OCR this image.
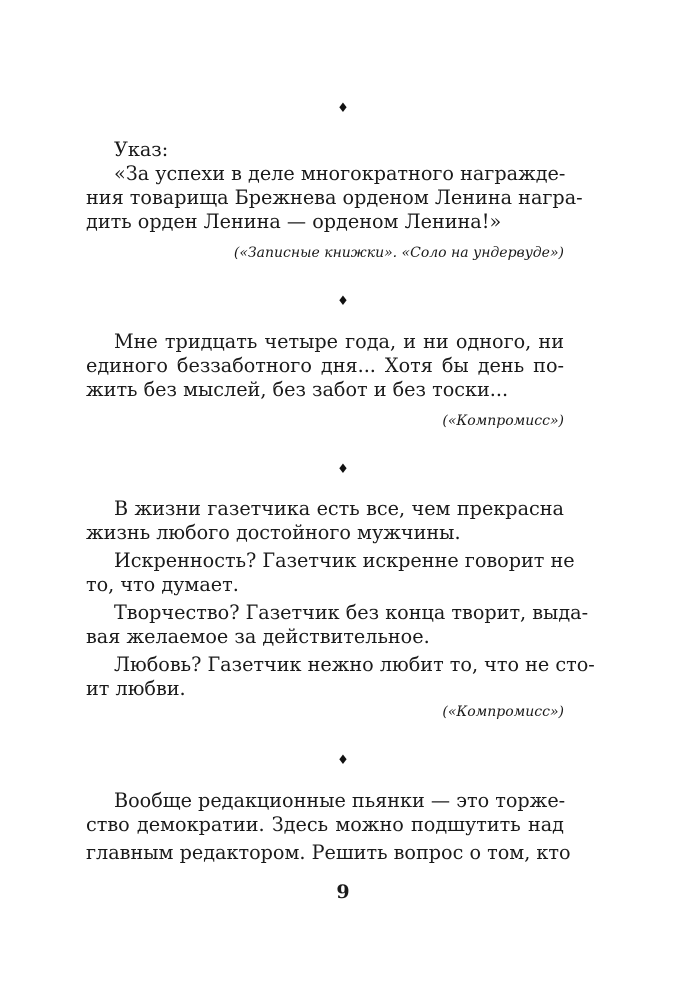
♦
Указ:
«За успехи в деле многократного награжде-
ния товарища Брежнева орденом Ленина награ-
дить орден Ленина — орденом Ленина!»
(«Записные книжки». «Соло на ундервуде»)
♦
Мне тридцать четыре года, и ни одного, ни
единого беззаботного дня... Хотя бы день по-
жить без мыслей, без забот и без тоски...
(«Компромисс»)
♦
В жизни газетчика есть все, чем прекрасна
жизнь любого достойного мужчины.
Искренность? Газетчик искренне говорит не
то, что думает.
Творчество? Газетчик без конца творит, выда-
вая желаемое за действительное.
Любовь? Газетчик нежно любит то, что не сто-
ит любви.
(«Компромисс»)
♦
Вообще редакционные пьянки — это торже-
ство демократии. Здесь можно подшутить над
главным редактором. Решить вопрос о том, кто
9
